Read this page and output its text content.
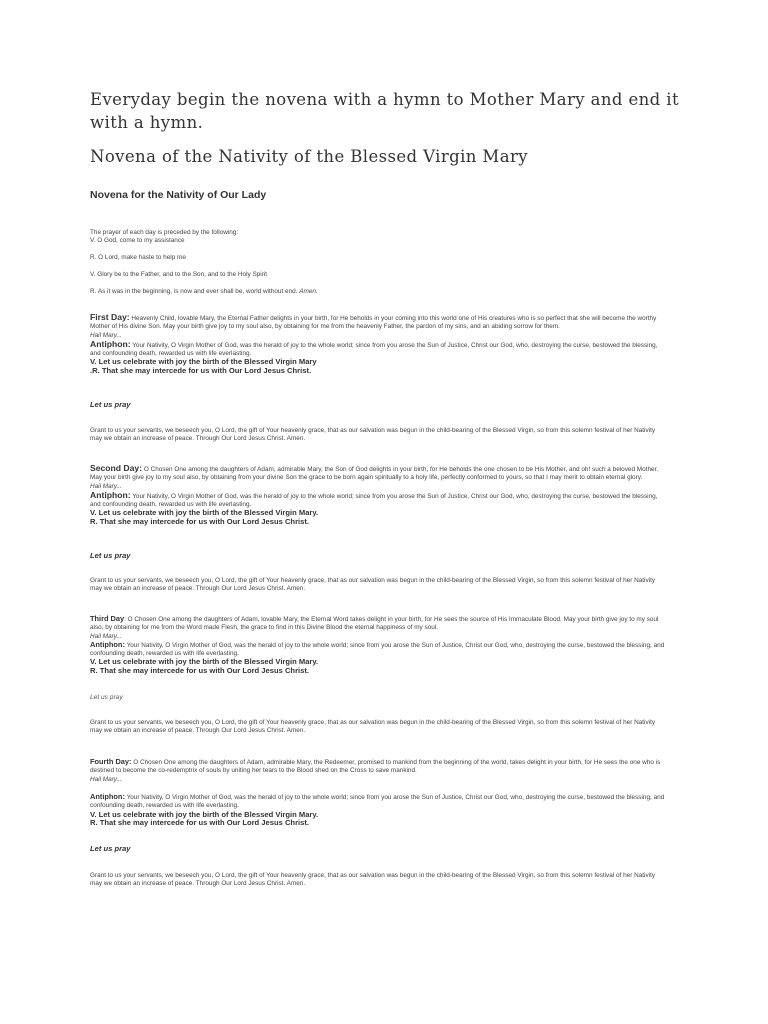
Everyday begin the novena with a hymn to Mother Mary and end it with a hymn.
Novena of the Nativity of the Blessed Virgin Mary
Novena for the Nativity of Our Lady

The prayer of each day is preceded by the following:

V. O God, come to my assistance

R. O Lord, make haste to help me

V. Glory be to the Father, and to the Son, and to the Holy Spirit

R. As it was in the beginning, is now and ever shall be, world without end. Amen.

First Day: Heavenly Child, lovable Mary, the Eternal Father delights in your birth, for He beholds in your coming into this world one of His creatures who is so perfect that she will become the worthy Mother of His divine Son. May your birth give joy to my soul also, by obtaining for me from the heavenly Father, the pardon of my sins, and an abiding sorrow for them.

Hail Mary...

Antiphon: Your Nativity, O Virgin Mother of God, was the herald of joy to the whole world; since from you arose the Sun of Justice, Christ our God, who, destroying the curse, bestowed the blessing, and confounding death, rewarded us with life everlasting.

V. Let us celebrate with joy the birth of the Blessed Virgin Mary

.R. That she may intercede for us with Our Lord Jesus Christ.

Let us pray

Grant to us your servants, we beseech you, O Lord, the gift of Your heavenly grace, that as our salvation was begun in the child-bearing of the Blessed Virgin, so from this solemn festival of her Nativity may we obtain an increase of peace. Through Our Lord Jesus Christ. Amen.

Second Day: O Chosen One among the daughters of Adam, admirable Mary, the Son of God delights in your birth, for He beholds the one chosen to be His Mother, and oh! such a beloved Mother. May your birth give joy to my soul also, by obtaining from your divine Son the grace to be born again spiritually to a holy life, perfectly conformed to yours, so that I may merit to obtain eternal glory.

Hail Mary...

Antiphon: Your Nativity, O Virgin Mother of God, was the herald of joy to the whole world; since from you arose the Sun of Justice, Christ our God, who, destroying the curse, bestowed the blessing, and confounding death, rewarded us with life everlasting.

V. Let us celebrate with joy the birth of the Blessed Virgin Mary.

R. That she may intercede for us with Our Lord Jesus Christ.

Let us pray

Grant to us your servants, we beseech you, O Lord, the gift of Your heavenly grace, that as our salvation was begun in the child-bearing of the Blessed Virgin, so from this solemn festival of her Nativity may we obtain an increase of peace. Through Our Lord Jesus Christ. Amen.

Third Day: O Chosen One among the daughters of Adam, lovable Mary, the Eternal Word takes delight in your birth, for He sees the source of His Immaculate Blood. May your birth give joy to my soul also, by obtaining for me from the Word made Flesh, the grace to find in this Divine Blood the eternal happiness of my soul.

Hail Mary...

Antiphon: Your Nativity, O Virgin Mother of God, was the herald of joy to the whole world; since from you arose the Sun of Justice, Christ our God, who, destroying the curse, bestowed the blessing, and confounding death, rewarded us with life everlasting.

V. Let us celebrate with joy the birth of the Blessed Virgin Mary.

R. That she may intercede for us with Our Lord Jesus Christ.

Let us pray

Grant to us your servants, we beseech you, O Lord, the gift of Your heavenly grace, that as our salvation was begun in the child-bearing of the Blessed Virgin, so from this solemn festival of her Nativity may we obtain an increase of peace. Through Our Lord Jesus Christ. Amen.

Fourth Day: O Chosen One among the daughters of Adam, admirable Mary, the Redeemer, promised to mankind from the beginning of the world, takes delight in your birth, for He sees the one who is destined to become the co-redemptrix of souls by uniting her tears to the Blood shed on the Cross to save mankind.

Hail Mary...

Antiphon: Your Nativity, O Virgin Mother of God, was the herald of joy to the whole world; since from you arose the Sun of Justice, Christ our God, who, destroying the curse, bestowed the blessing, and confounding death, rewarded us with life everlasting.

V. Let us celebrate with joy the birth of the Blessed Virgin Mary.

R. That she may intercede for us with Our Lord Jesus Christ.

Let us pray

Grant to us your servants, we beseech you, O Lord, the gift of Your heavenly grace, that as our salvation was begun in the child-bearing of the Blessed Virgin, so from this solemn festival of her Nativity may we obtain an increase of peace. Through Our Lord Jesus Christ. Amen.
